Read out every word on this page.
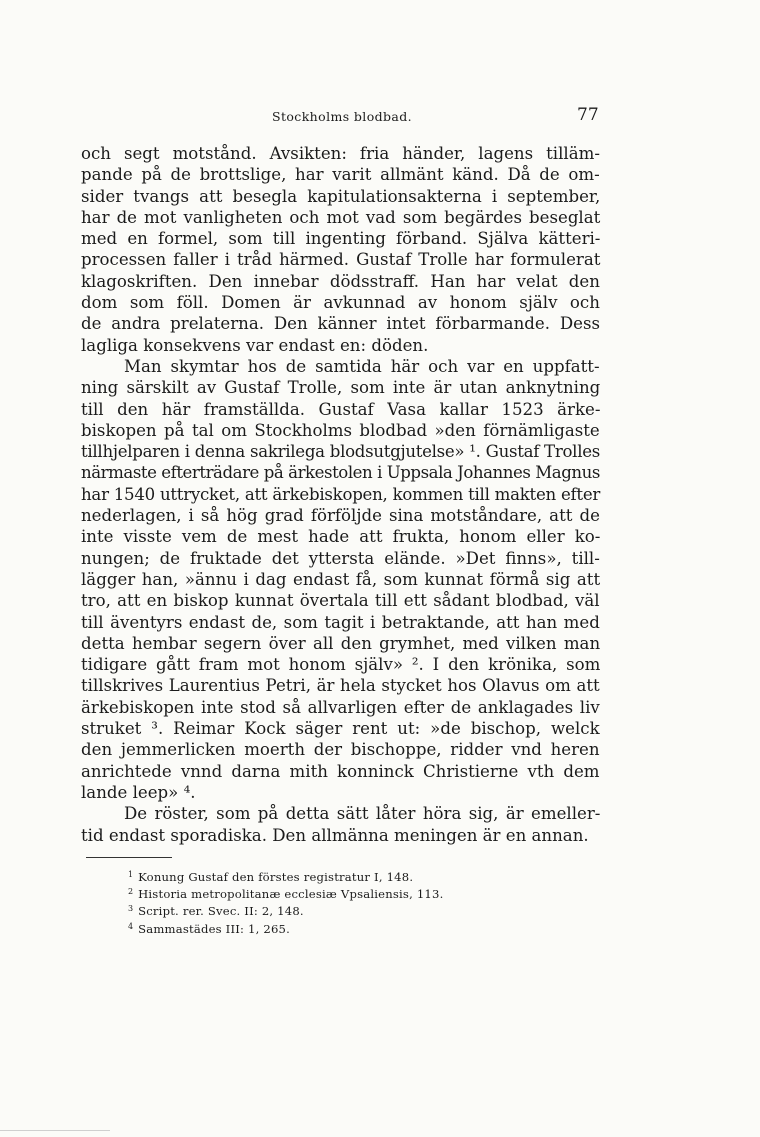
Stockholms blodbad.	77
och segt motstånd. Avsikten: fria händer, lagens tilläm-
pande på de brottslige, har varit allmänt känd. Då de om-
sider tvangs att besegla kapitulationsakterna i september,
har de mot vanligheten och mot vad som begärdes beseglat
med en formel, som till ingenting förband. Själva kätteri-
processen faller i tråd härmed. Gustaf Trolle har formulerat
klagoskriften. Den innebar dödsstraff. Han har velat den
dom som föll. Domen är avkunnad av honom själv och
de andra prelaterna. Den känner intet förbarmande. Dess
lagliga konsekvens var endast en: döden.
Man skymtar hos de samtida här och var en uppfatt-
ning särskilt av Gustaf Trolle, som inte är utan anknytning
till den här framställda. Gustaf Vasa kallar 1523 ärke-
biskopen på tal om Stockholms blodbad »den förnämligaste
tillhjelparen i denna sakrilega blodsutgjutelse» ¹. Gustaf Trolles
närmaste efterträdare på ärkestolen i Uppsala Johannes Magnus
har 1540 uttrycket, att ärkebiskopen, kommen till makten efter
nederlagen, i så hög grad förföljde sina motståndare, att de
inte visste vem de mest hade att frukta, honom eller ko-
nungen; de fruktade det yttersta elände. »Det finns», till-
lägger han, »ännu i dag endast få, som kunnat förmå sig att
tro, att en biskop kunnat övertala till ett sådant blodbad, väl
till äventyrs endast de, som tagit i betraktande, att han med
detta hembar segern över all den grymhet, med vilken man
tidigare gått fram mot honom själv» ². I den krönika, som
tillskrives Laurentius Petri, är hela stycket hos Olavus om att
ärkebiskopen inte stod så allvarligen efter de anklagades liv
struket ³. Reimar Kock säger rent ut: »de bischop, welck
den jemmerlicken moerth der bischoppe, ridder vnd heren
anrichtede vnnd darna mith konninck Christierne vth dem
lande leep» ⁴.
De röster, som på detta sätt låter höra sig, är emeller-
tid endast sporadiska. Den allmänna meningen är en annan.
$^1$ Konung Gustaf den förstes registratur I, 148.
$^2$ Historia metropolitanæ ecclesiæ Vpsaliensis, 113.
$^3$ Script. rer. Svec. II: 2, 148.
$^4$ Sammastädes III: 1, 265.
